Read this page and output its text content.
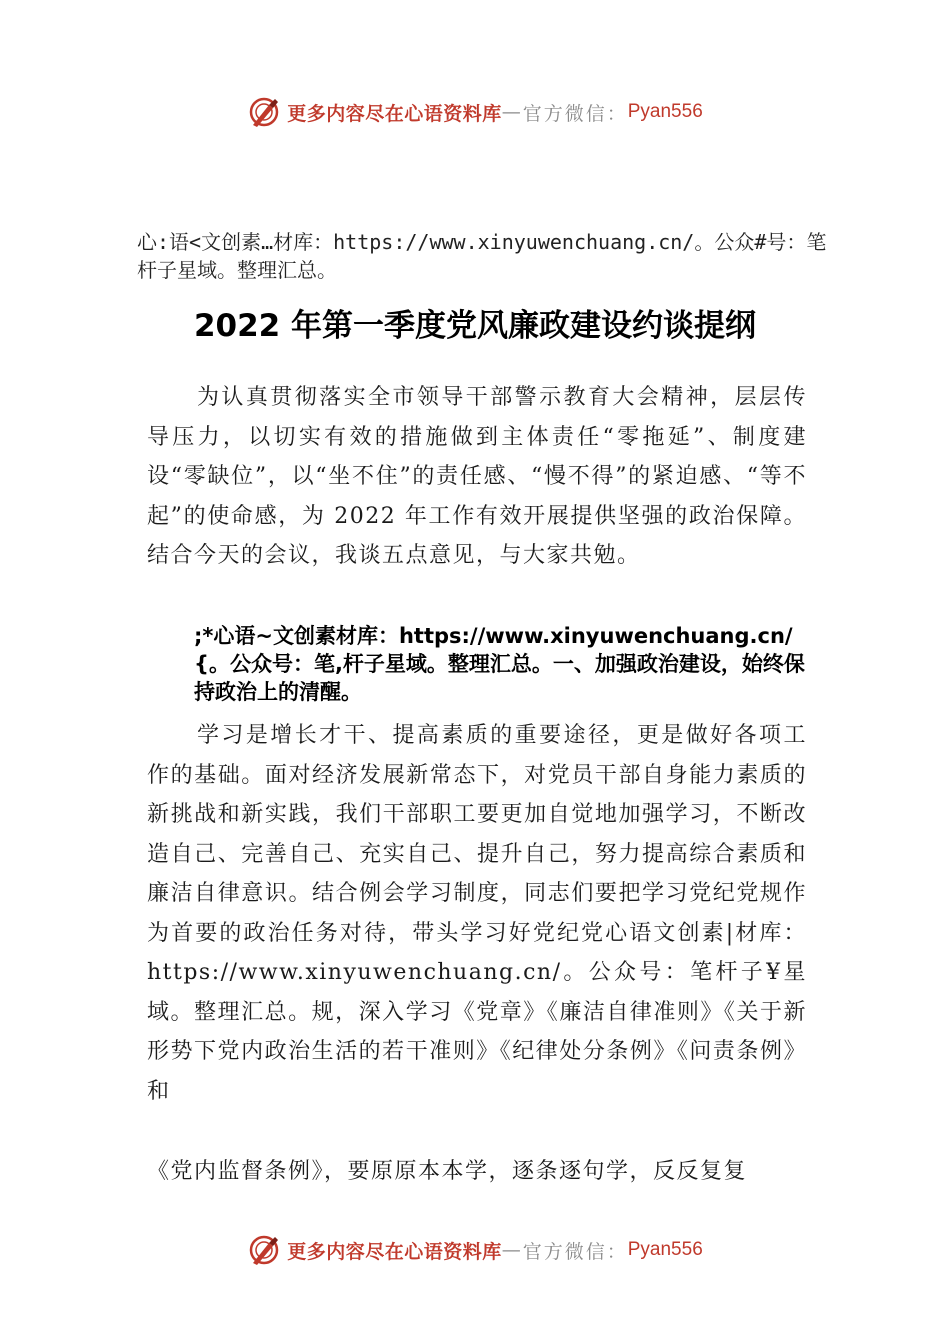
更多内容尽在心语资料库 — 官方微信： Pyan556
心:语<文创素…材库：https://www.xinyuwenchuang.cn/。公众#号：笔杆子星域。整理汇总。
2022 年第一季度党风廉政建设约谈提纲
为认真贯彻落实全市领导干部警示教育大会精神，层层传导压力，以切实有效的措施做到主体责任“零拖延”、制度建设“零缺位”，以“坐不住”的责任感、“慢不得”的紧迫感、“等不起”的使命感，为 2022 年工作有效开展提供坚强的政治保障。结合今天的会议，我谈五点意见，与大家共勉。
;*心语~文创素材库：https://www.xinyuwenchuang.cn/{。公众号：笔,杆子星域。整理汇总。一、加强政治建设，始终保持政治上的清醒。
学习是增长才干、提高素质的重要途径，更是做好各项工作的基础。面对经济发展新常态下，对党员干部自身能力素质的新挑战和新实践，我们干部职工要更加自觉地加强学习，不断改造自己、完善自己、充实自己、提升自己，努力提高综合素质和廉洁自律意识。结合例会学习制度，同志们要把学习党纪党规作为首要的政治任务对待，带头学习好党纪党心语文创素|材库：https://www.xinyuwenchuang.cn/。公众号：笔杆子¥星域。整理汇总。规，深入学习《党章》《廉洁自律准则》《关于新形势下党内政治生活的若干准则》《纪律处分条例》《问责条例》和
《党内监督条例》，要原原本本学，逐条逐句学，反反复复
更多内容尽在心语资料库 — 官方微信： Pyan556
